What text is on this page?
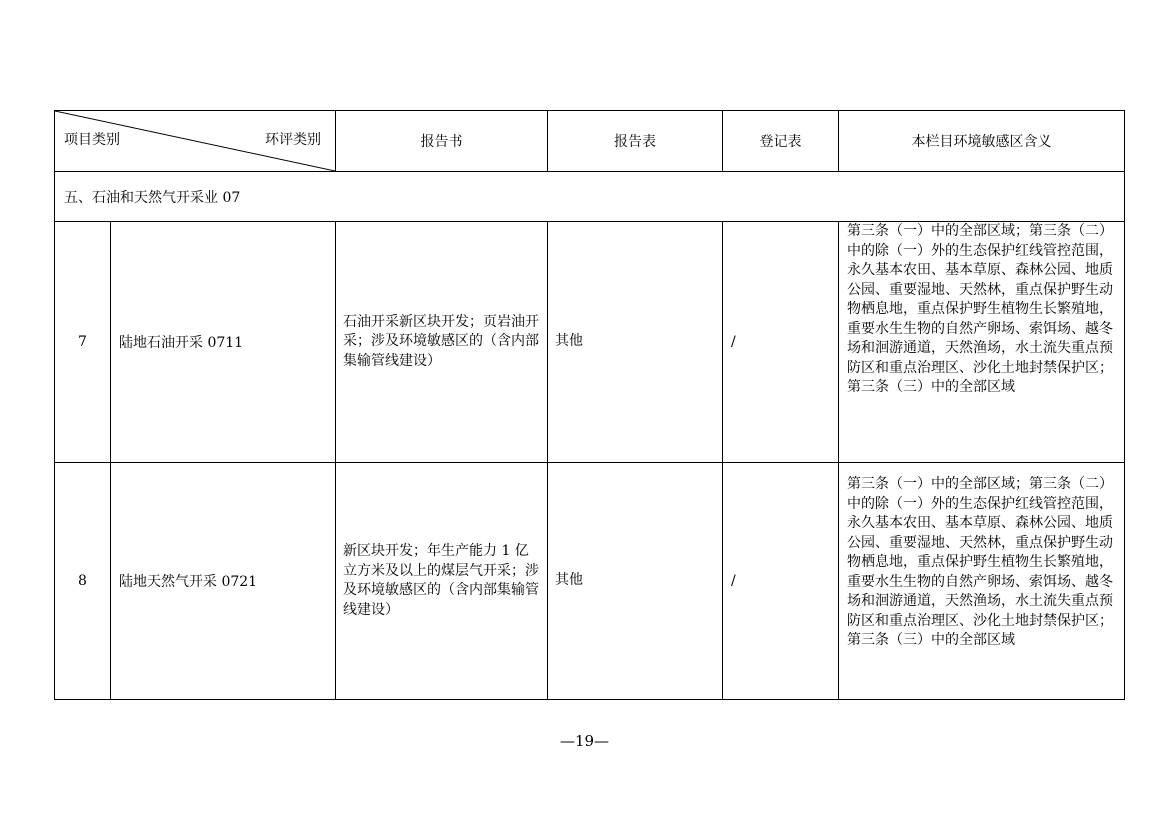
项目类别 环评类别		报告书	报告表	登记表	本栏目环境敏感区含义
五、石油和天然气开采业 07					
7	陆地石油开采 0711	石油开采新区块开发；页岩油开采；涉及环境敏感区的（含内部集输管线建设）	其他	/	第三条（一）中的全部区域；第三条（二）中的除（一）外的生态保护红线管控范围，永久基本农田、基本草原、森林公园、地质公园、重要湿地、天然林，重点保护野生动物栖息地，重点保护野生植物生长繁殖地，重要水生生物的自然产卵场、索饵场、越冬场和洄游通道，天然渔场，水土流失重点预防区和重点治理区、沙化土地封禁保护区；第三条（三）中的全部区域
8	陆地天然气开采 0721	新区块开发；年生产能力 1 亿立方米及以上的煤层气开采；涉及环境敏感区的（含内部集输管线建设）	其他	/	第三条（一）中的全部区域；第三条（二）中的除（一）外的生态保护红线管控范围，永久基本农田、基本草原、森林公园、地质公园、重要湿地、天然林，重点保护野生动物栖息地，重点保护野生植物生长繁殖地，重要水生生物的自然产卵场、索饵场、越冬场和洄游通道，天然渔场，水土流失重点预防区和重点治理区、沙化土地封禁保护区；第三条（三）中的全部区域
—19—
